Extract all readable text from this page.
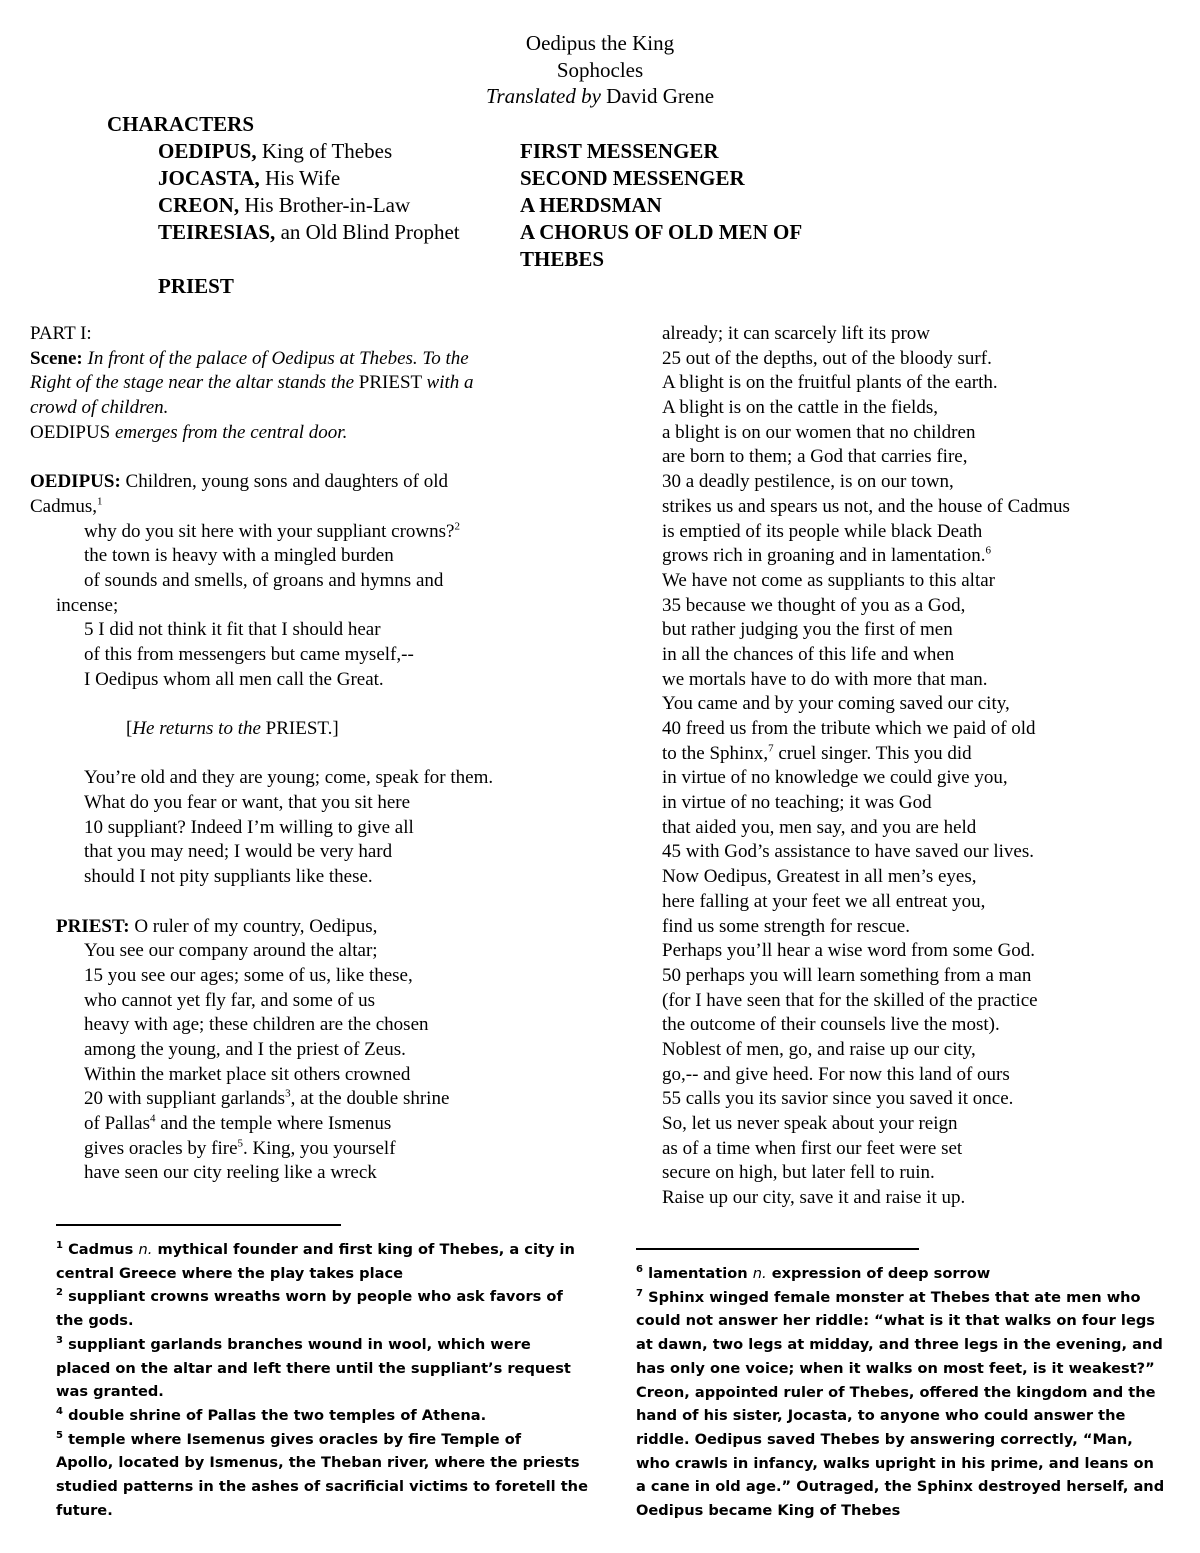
Oedipus the King
Sophocles
Translated by David Grene
CHARACTERS
OEDIPUS, King of Thebes
JOCASTA, His Wife
CREON, His Brother-in-Law
TEIRESIAS, an Old Blind Prophet
FIRST MESSENGER
SECOND MESSENGER
A HERDSMAN
A CHORUS OF OLD MEN OF THEBES
PRIEST
PART I:
Scene: In front of the palace of Oedipus at Thebes. To the
Right of the stage near the altar stands the PRIEST with a
crowd of children.
OEDIPUS emerges from the central door.
OEDIPUS: Children, young sons and daughters of old
Cadmus,$^1$
why do you sit here with your suppliant crowns?$^2$
the town is heavy with a mingled burden
of sounds and smells, of groans and hymns and
incense;
5 I did not think it fit that I should hear
of this from messengers but came myself,--
I Oedipus whom all men call the Great.
[He returns to the PRIEST.]
You’re old and they are young; come, speak for them.
What do you fear or want, that you sit here
10 suppliant? Indeed I’m willing to give all
that you may need; I would be very hard
should I not pity suppliants like these.
PRIEST: O ruler of my country, Oedipus,
You see our company around the altar;
15 you see our ages; some of us, like these,
who cannot yet fly far, and some of us
heavy with age; these children are the chosen
among the young, and I the priest of Zeus.
Within the market place sit others crowned
20 with suppliant garlands$^3$, at the double shrine
of Pallas$^4$ and the temple where Ismenus
gives oracles by fire$^5$. King, you yourself
have seen our city reeling like a wreck
already; it can scarcely lift its prow
25 out of the depths, out of the bloody surf.
A blight is on the fruitful plants of the earth.
A blight is on the cattle in the fields,
a blight is on our women that no children
are born to them; a God that carries fire,
30 a deadly pestilence, is on our town,
strikes us and spears us not, and the house of Cadmus
is emptied of its people while black Death
grows rich in groaning and in lamentation.$^6$
We have not come as suppliants to this altar
35 because we thought of you as a God,
but rather judging you the first of men
in all the chances of this life and when
we mortals have to do with more that man.
You came and by your coming saved our city,
40 freed us from the tribute which we paid of old
to the Sphinx,$^7$ cruel singer. This you did
in virtue of no knowledge we could give you,
in virtue of no teaching; it was God
that aided you, men say, and you are held
45 with God’s assistance to have saved our lives.
Now Oedipus, Greatest in all men’s eyes,
here falling at your feet we all entreat you,
find us some strength for rescue.
Perhaps you’ll hear a wise word from some God.
50 perhaps you will learn something from a man
(for I have seen that for the skilled of the practice
the outcome of their counsels live the most).
Noblest of men, go, and raise up our city,
go,-- and give heed. For now this land of ours
55 calls you its savior since you saved it once.
So, let us never speak about your reign
as of a time when first our feet were set
secure on high, but later fell to ruin.
Raise up our city, save it and raise it up.
$^1$ Cadmus n. mythical founder and first king of Thebes, a city in
central Greece where the play takes place
$^2$ suppliant crowns wreaths worn by people who ask favors of
the gods.
$^3$ suppliant garlands branches wound in wool, which were
placed on the altar and left there until the suppliant’s request
was granted.
$^4$ double shrine of Pallas the two temples of Athena.
$^5$ temple where Isemenus gives oracles by fire Temple of
Apollo, located by Ismenus, the Theban river, where the priests
studied patterns in the ashes of sacrificial victims to foretell the
future.
$^6$ lamentation n. expression of deep sorrow
$^7$ Sphinx winged female monster at Thebes that ate men who
could not answer her riddle: “what is it that walks on four legs
at dawn, two legs at midday, and three legs in the evening, and
has only one voice; when it walks on most feet, is it weakest?”
Creon, appointed ruler of Thebes, offered the kingdom and the
hand of his sister, Jocasta, to anyone who could answer the
riddle. Oedipus saved Thebes by answering correctly, “Man,
who crawls in infancy, walks upright in his prime, and leans on
a cane in old age.” Outraged, the Sphinx destroyed herself, and
Oedipus became King of Thebes
